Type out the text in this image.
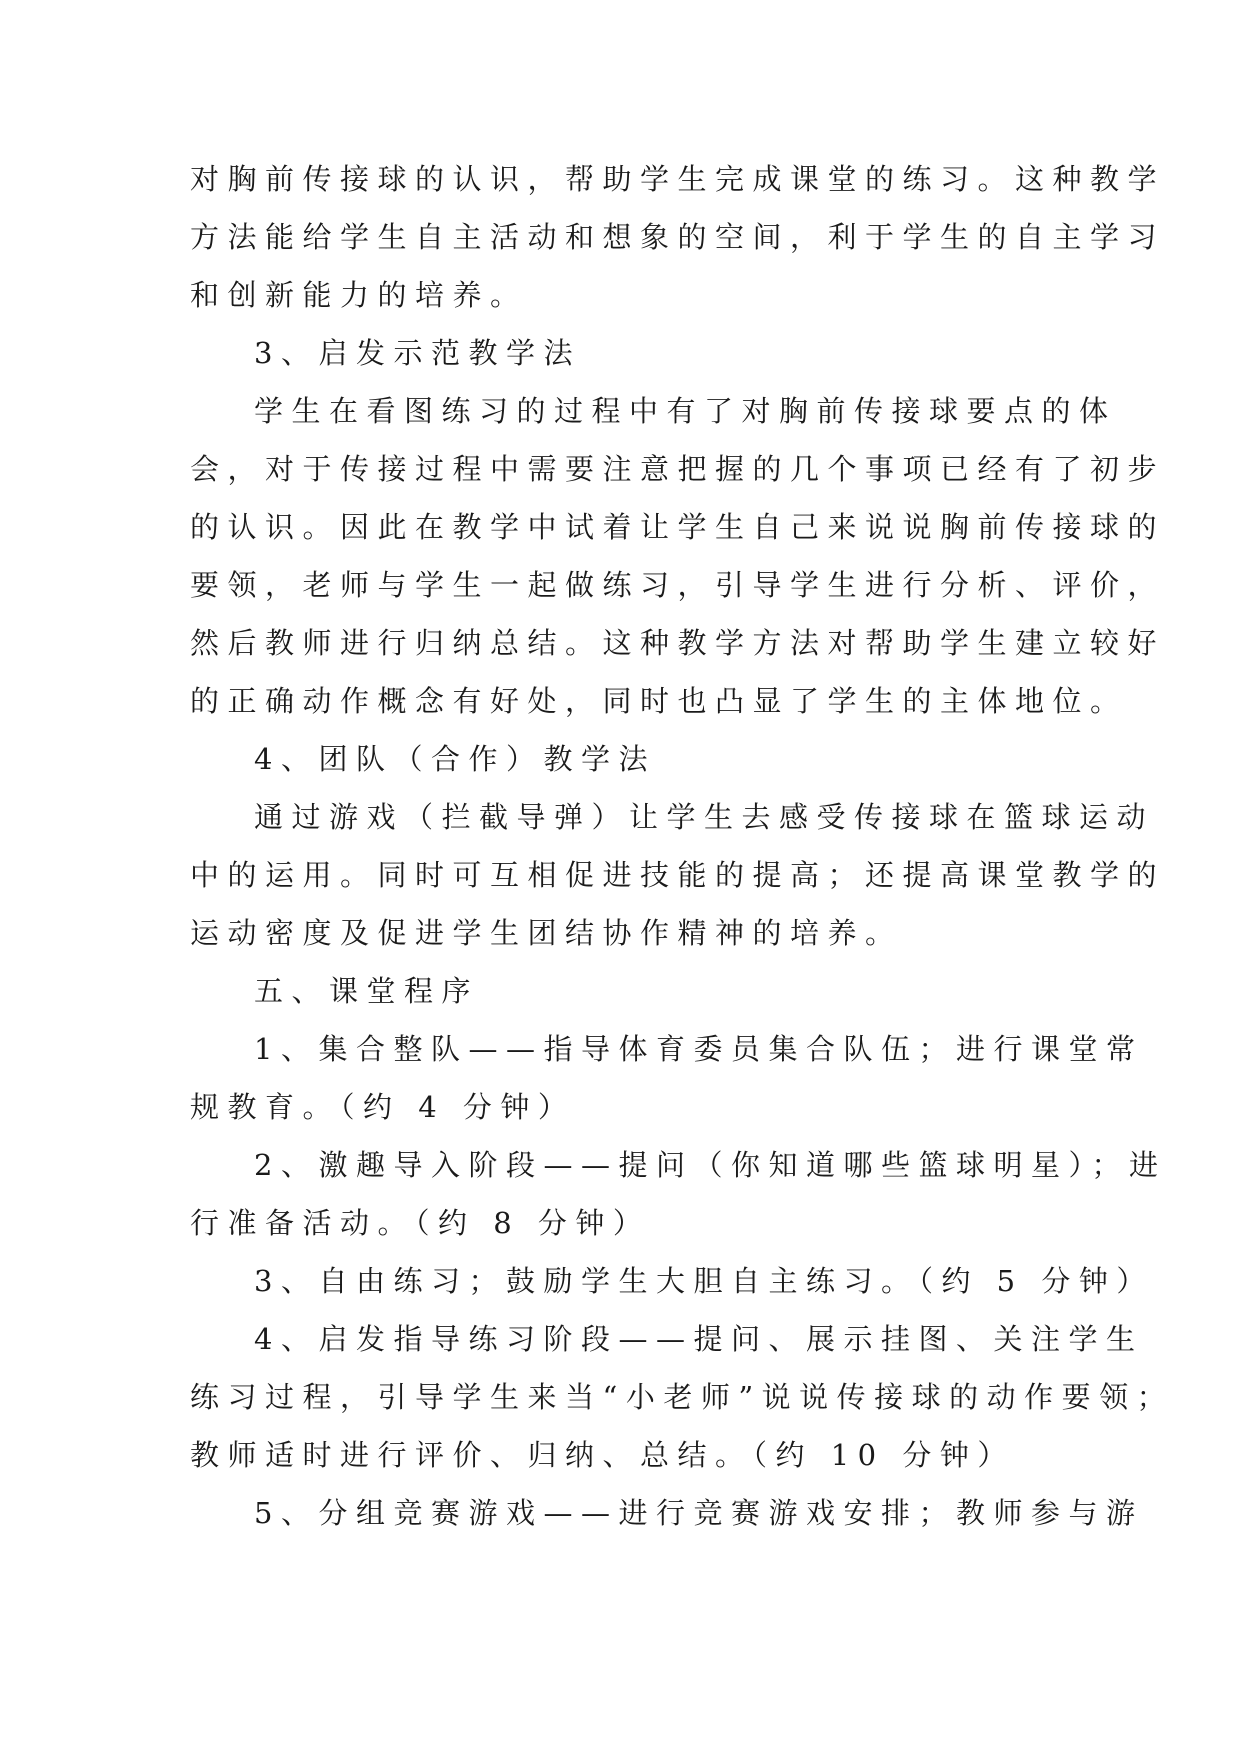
对胸前传接球的认识，帮助学生完成课堂的练习。这种教学
方法能给学生自主活动和想象的空间，利于学生的自主学习
和创新能力的培养。
3、启发示范教学法
学生在看图练习的过程中有了对胸前传接球要点的体
会，对于传接过程中需要注意把握的几个事项已经有了初步
的认识。因此在教学中试着让学生自己来说说胸前传接球的
要领，老师与学生一起做练习，引导学生进行分析、评价，
然后教师进行归纳总结。这种教学方法对帮助学生建立较好
的正确动作概念有好处，同时也凸显了学生的主体地位。
4、团队（合作）教学法
通过游戏（拦截导弹）让学生去感受传接球在篮球运动
中的运用。同时可互相促进技能的提高；还提高课堂教学的
运动密度及促进学生团结协作精神的培养。
五、课堂程序
1、集合整队——指导体育委员集合队伍；进行课堂常
规教育。（约 4 分钟）
2、激趣导入阶段——提问（你知道哪些篮球明星）；进
行准备活动。（约 8 分钟）
3、自由练习；鼓励学生大胆自主练习。（约 5 分钟）
4、启发指导练习阶段——提问、展示挂图、关注学生
练习过程，引导学生来当“小老师”说说传接球的动作要领；
教师适时进行评价、归纳、总结。（约 10 分钟）
5、分组竞赛游戏——进行竞赛游戏安排；教师参与游
